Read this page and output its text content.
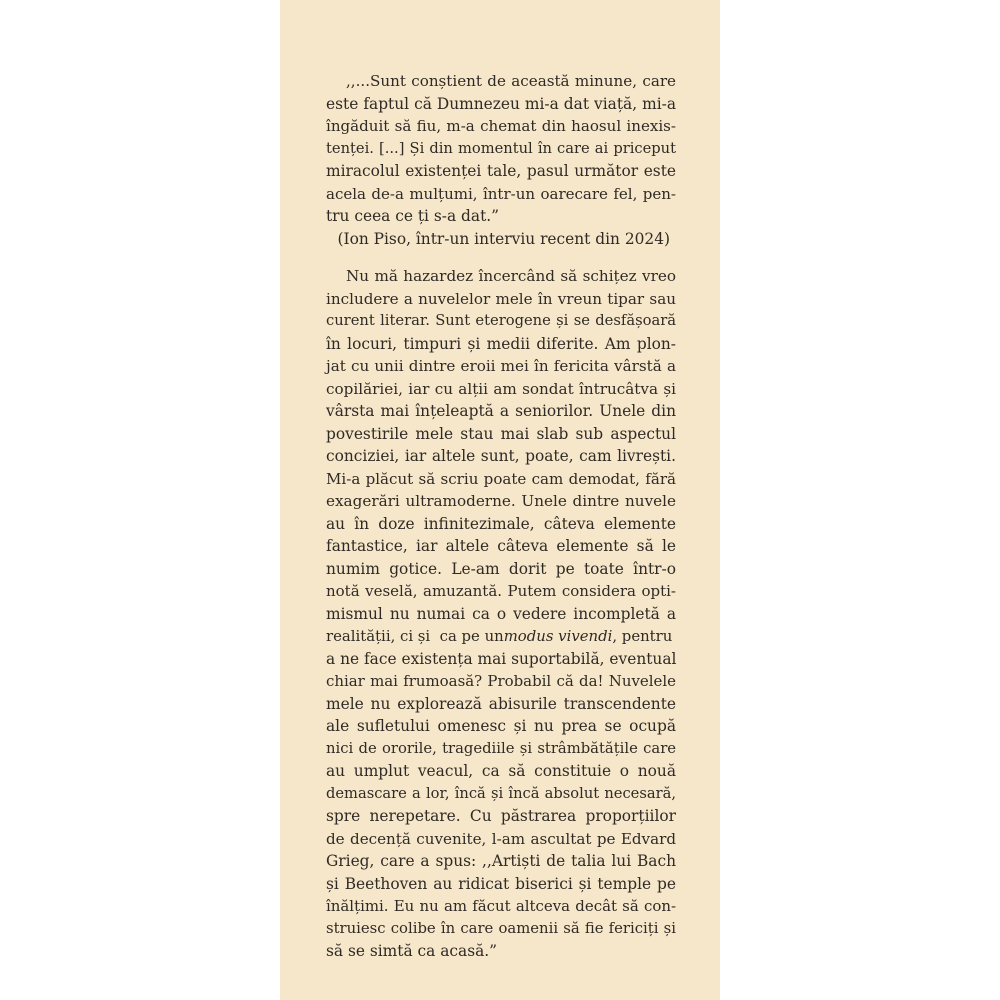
,,...Sunt conștient de această minune, care
este faptul că Dumnezeu mi-a dat viață, mi-a
îngăduit să fiu, m-a chemat din haosul inexis-
tenței. [...] Și din momentul în care ai priceput
miracolul existenței tale, pasul următor este
acela de-a mulțumi, într-un oarecare fel, pen-
tru ceea ce ți s-a dat.”
(Ion Piso, într-un interviu recent din 2024)
Nu mă hazardez încercând să schițez vreo
includere a nuvelelor mele în vreun tipar sau
curent literar. Sunt eterogene și se desfășoară
în locuri, timpuri și medii diferite. Am plon-
jat cu unii dintre eroii mei în fericita vârstă a
copilăriei, iar cu alții am sondat întrucâtva și
vârsta mai înțeleaptă a seniorilor. Unele din
povestirile mele stau mai slab sub aspectul
conciziei, iar altele sunt, poate, cam livrești.
Mi-a plăcut să scriu poate cam demodat, fără
exagerări ultramoderne. Unele dintre nuvele
au în doze infinitezimale, câteva elemente
fantastice, iar altele câteva elemente să le
numim gotice. Le-am dorit pe toate într-o
notă veselă, amuzantă. Putem considera opti-
mismul nu numai ca o vedere incompletă a
realității, ci și  ca pe unmodus vivendi, pentru
a ne face existența mai suportabilă, eventual
chiar mai frumoasă? Probabil că da! Nuvelele
mele nu explorează abisurile transcendente
ale sufletului omenesc și nu prea se ocupă
nici de ororile, tragediile și strâmbătățile care
au umplut veacul, ca să constituie o nouă
demascare a lor, încă și încă absolut necesară,
spre nerepetare. Cu păstrarea proporțiilor
de decență cuvenite, l-am ascultat pe Edvard
Grieg, care a spus: ,,Artiști de talia lui Bach
și Beethoven au ridicat biserici și temple pe
înălțimi. Eu nu am făcut altceva decât să con-
struiesc colibe în care oamenii să fie fericiți și
să se simtă ca acasă.”
